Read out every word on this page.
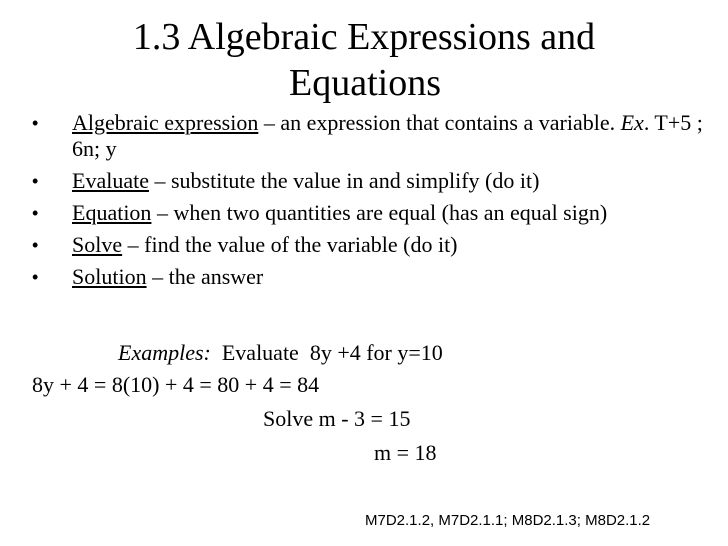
1.3 Algebraic Expressions and
Equations
• Algebraic expression – an expression that contains a variable. Ex. T+5 ; 6n; y
• Evaluate – substitute the value in and simplify (do it)
• Equation – when two quantities are equal (has an equal sign)
• Solve – find the value of the variable (do it)
• Solution – the answer
Examples:  Evaluate  8y +4 for y=10
8y + 4 = 8(10) + 4 = 80 + 4 = 84
Solve m - 3 = 15
m = 18
M7D2.1.2, M7D2.1.1; M8D2.1.3; M8D2.1.2
